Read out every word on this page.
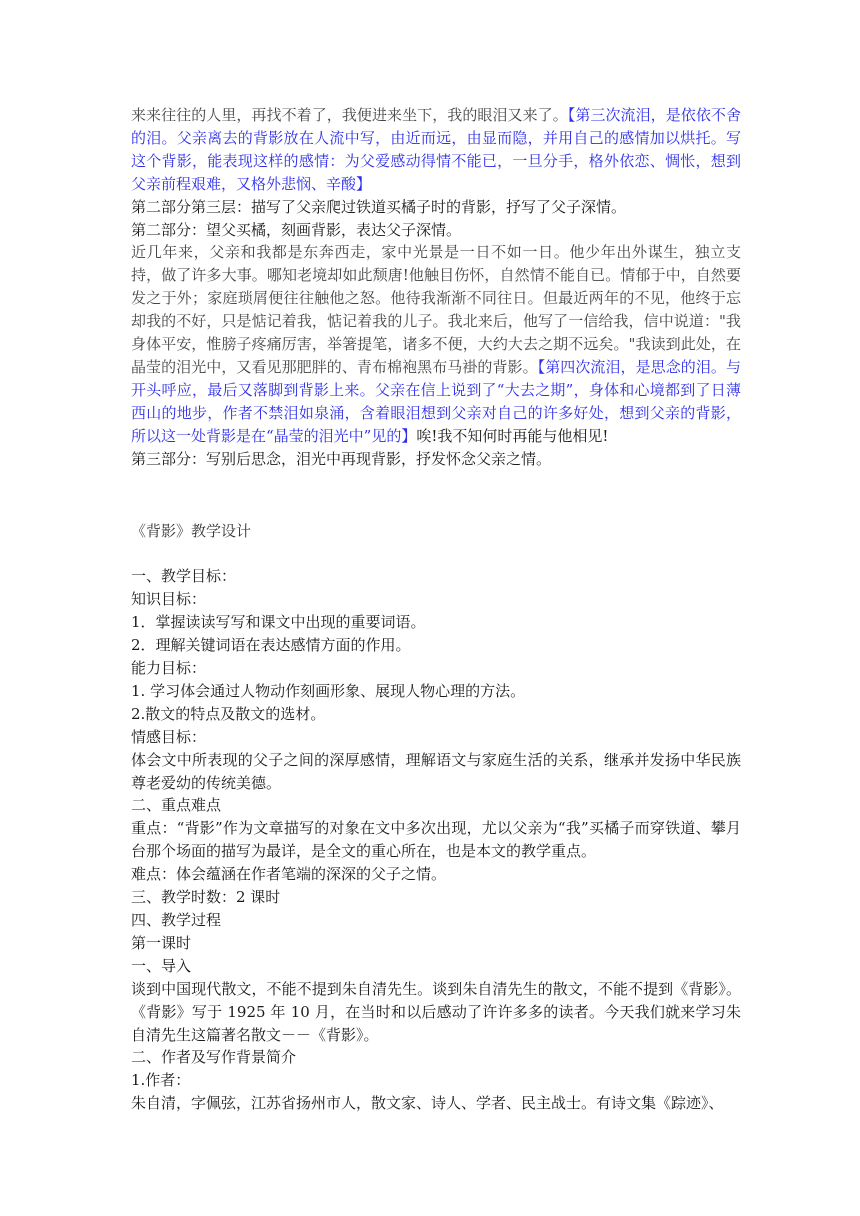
来来往往的人里，再找不着了，我便进来坐下，我的眼泪又来了。【第三次流泪，是依依不舍的泪。父亲离去的背影放在人流中写，由近而远，由显而隐，并用自己的感情加以烘托。写这个背影，能表现这样的感情：为父爱感动得情不能已，一旦分手，格外依恋、惆怅，想到父亲前程艰难，又格外悲悯、辛酸】

第二部分第三层：描写了父亲爬过铁道买橘子时的背影，抒写了父子深情。

第二部分：望父买橘，刻画背影，表达父子深情。

近几年来，父亲和我都是东奔西走，家中光景是一日不如一日。他少年出外谋生，独立支持，做了许多大事。哪知老境却如此颓唐!他触目伤怀，自然情不能自已。情郁于中，自然要发之于外；家庭琐屑便往往触他之怒。他待我渐渐不同往日。但最近两年的不见，他终于忘却我的不好，只是惦记着我，惦记着我的儿子。我北来后，他写了一信给我，信中说道："我身体平安，惟膀子疼痛厉害，举箸提笔，诸多不便，大约大去之期不远矣。"我读到此处，在晶莹的泪光中，又看见那肥胖的、青布棉袍黑布马褂的背影。【第四次流泪，是思念的泪。与开头呼应，最后又落脚到背影上来。父亲在信上说到了“大去之期”，身体和心境都到了日薄西山的地步，作者不禁泪如泉涌，含着眼泪想到父亲对自己的许多好处，想到父亲的背影，所以这一处背影是在“晶莹的泪光中”见的】唉!我不知何时再能与他相见!

第三部分：写别后思念，泪光中再现背影，抒发怀念父亲之情。

《背影》教学设计

一、教学目标：

知识目标：

1．掌握读读写写和课文中出现的重要词语。

2．理解关键词语在表达感情方面的作用。

能力目标：

1. 学习体会通过人物动作刻画形象、展现人物心理的方法。

2.散文的特点及散文的选材。

情感目标：

体会文中所表现的父子之间的深厚感情，理解语文与家庭生活的关系，继承并发扬中华民族尊老爱幼的传统美德。

二、重点难点

重点：“背影”作为文章描写的对象在文中多次出现，尤以父亲为“我”买橘子而穿铁道、攀月台那个场面的描写为最详，是全文的重心所在，也是本文的教学重点。

难点：体会蕴涵在作者笔端的深深的父子之情。

三、教学时数：2 课时

四、教学过程

第一课时

一、导入

谈到中国现代散文，不能不提到朱自清先生。谈到朱自清先生的散文，不能不提到《背影》。《背影》写于 1925 年 10 月，在当时和以后感动了许许多多的读者。今天我们就来学习朱自清先生这篇著名散文－－《背影》。

二、作者及写作背景简介

1.作者：

朱自清，字佩弦，江苏省扬州市人，散文家、诗人、学者、民主战士。有诗文集《踪迹》、
